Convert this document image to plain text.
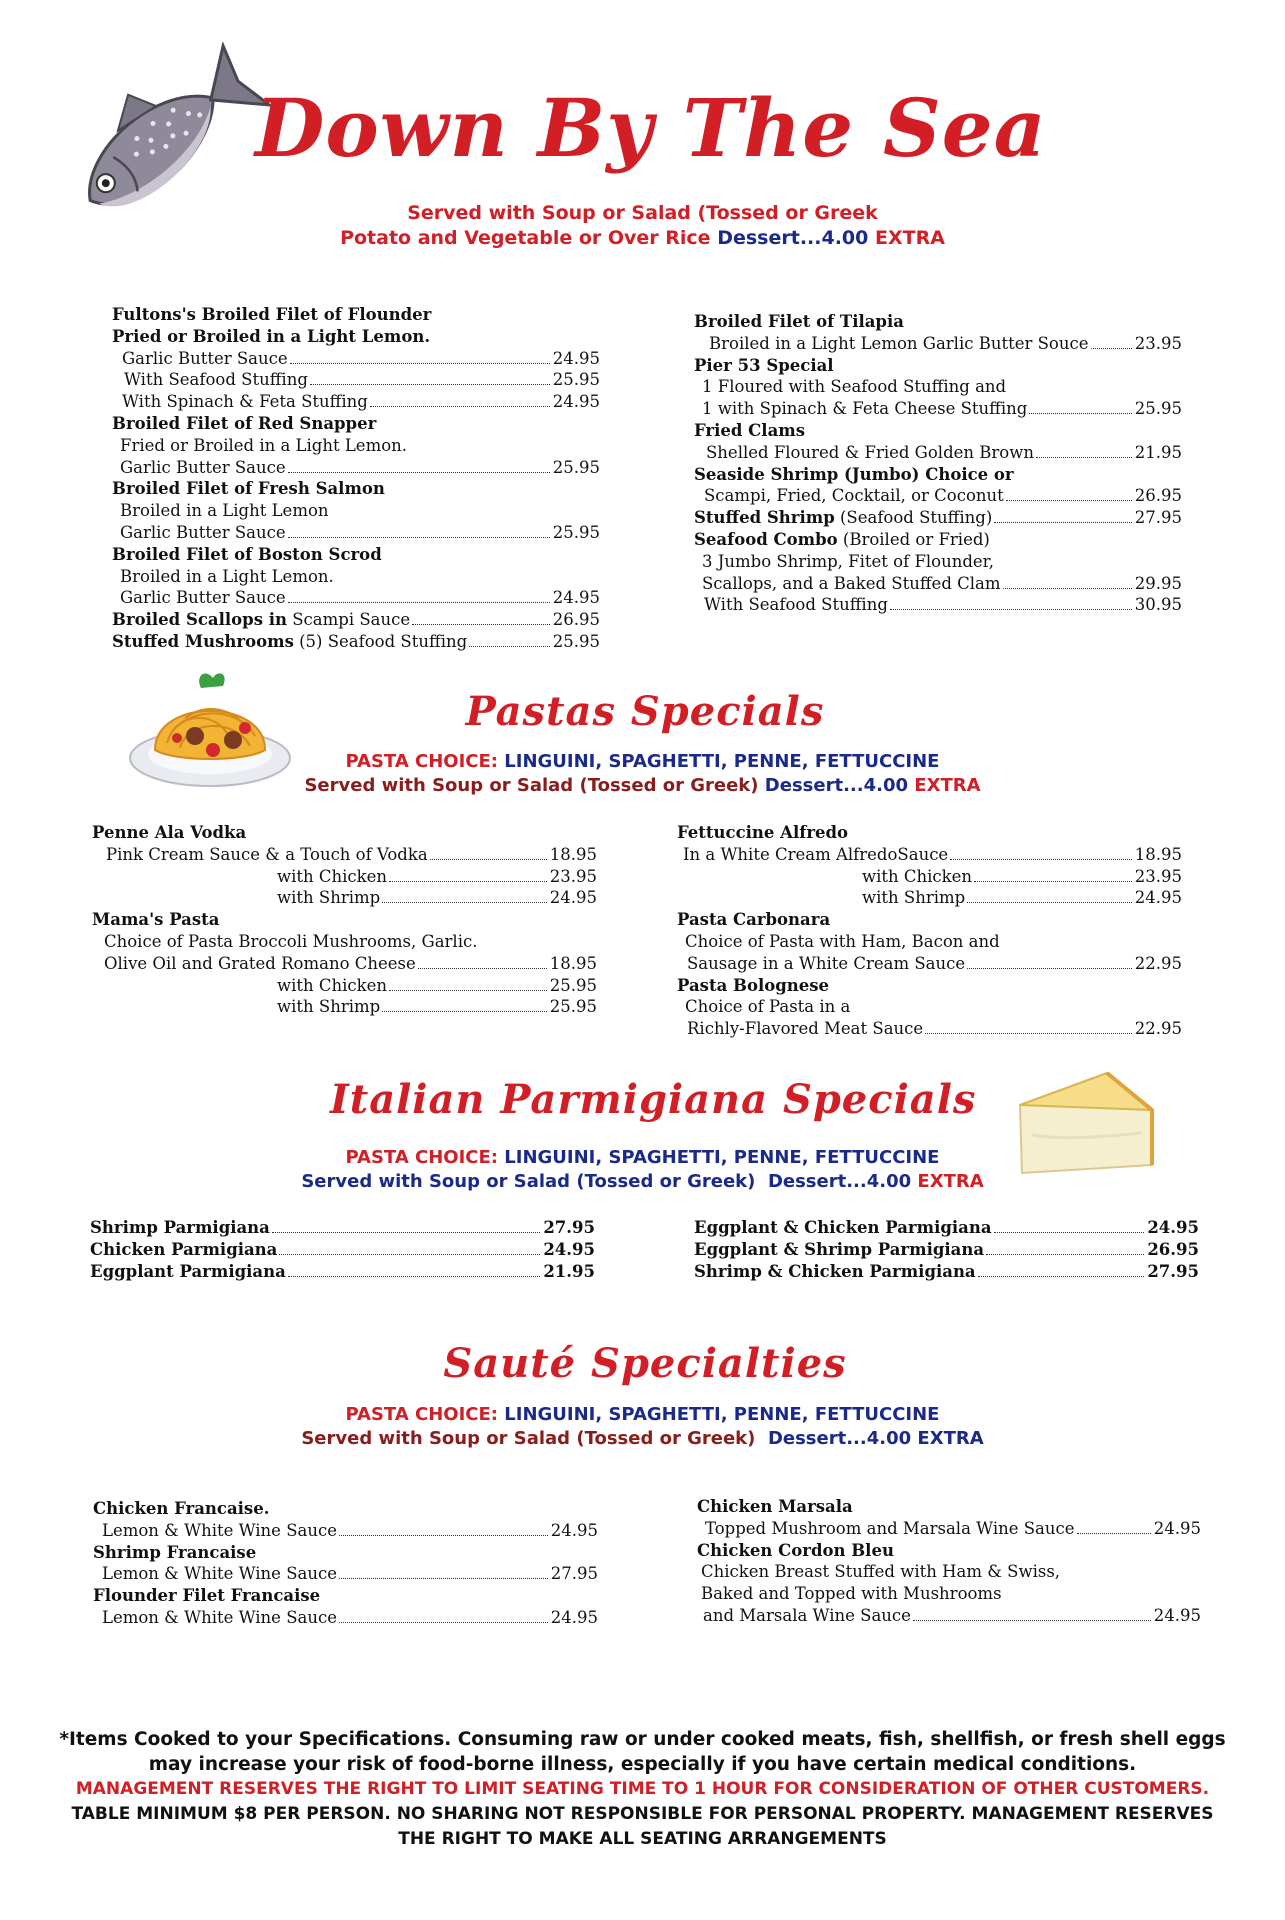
Down By The Sea
Served with Soup or Salad (Tossed or Greek
Potato and Vegetable or Over Rice Dessert...4.00 EXTRA
Fultons's Broiled Filet of Flounder
Pried or Broiled in a Light Lemon.
Garlic Butter Sauce	24.95
With Seafood Stuffing	25.95
With Spinach & Feta Stuffing	24.95
Broiled Filet of Red Snapper
Fried or Broiled in a Light Lemon.
Garlic Butter Sauce	25.95
Broiled Filet of Fresh Salmon
Broiled in a Light Lemon
Garlic Butter Sauce	25.95
Broiled Filet of Boston Scrod
Broiled in a Light Lemon.
Garlic Butter Sauce	24.95
Broiled Scallops in Scampi Sauce	26.95
Stuffed Mushrooms (5) Seafood Stuffing	25.95
Broiled Filet of Tilapia
Broiled in a Light Lemon Garlic Butter Souce	23.95
Pier 53 Special
1 Floured with Seafood Stuffing and
1 with Spinach & Feta Cheese Stuffing	25.95
Fried Clams
Shelled Floured & Fried Golden Brown	21.95
Seaside Shrimp (Jumbo) Choice or
Scampi, Fried, Cocktail, or Coconut	26.95
Stuffed Shrimp (Seafood Stuffing)	27.95
Seafood Combo (Broiled or Fried)
3 Jumbo Shrimp, Fitet of Flounder,
Scallops, and a Baked Stuffed Clam	29.95
With Seafood Stuffing	30.95
Pastas Specials
PASTA CHOICE: LINGUINI, SPAGHETTI, PENNE, FETTUCCINE
Served with Soup or Salad (Tossed or Greek) Dessert...4.00 EXTRA
Penne Ala Vodka
Pink Cream Sauce & a Touch of Vodka	18.95
with Chicken	23.95
with Shrimp	24.95
Mama's Pasta
Choice of Pasta Broccoli Mushrooms, Garlic.
Olive Oil and Grated Romano Cheese	18.95
with Chicken	25.95
with Shrimp	25.95
Fettuccine Alfredo
In a White Cream AlfredoSauce	18.95
with Chicken	23.95
with Shrimp	24.95
Pasta Carbonara
Choice of Pasta with Ham, Bacon and
Sausage in a White Cream Sauce	22.95
Pasta Bolognese
Choice of Pasta in a
Richly-Flavored Meat Sauce	22.95
Italian Parmigiana Specials
PASTA CHOICE: LINGUINI, SPAGHETTI, PENNE, FETTUCCINE
Served with Soup or Salad (Tossed or Greek) Dessert...4.00 EXTRA
Shrimp Parmigiana	27.95
Chicken Parmigiana	24.95
Eggplant Parmigiana	21.95
Eggplant & Chicken Parmigiana	24.95
Eggplant & Shrimp Parmigiana	26.95
Shrimp & Chicken Parmigiana	27.95
Sauté Specialties
PASTA CHOICE: LINGUINI, SPAGHETTI, PENNE, FETTUCCINE
Served with Soup or Salad (Tossed or Greek) Dessert...4.00 EXTRA
Chicken Francaise.
Lemon & White Wine Sauce	24.95
Shrimp Francaise
Lemon & White Wine Sauce	27.95
Flounder Filet Francaise
Lemon & White Wine Sauce	24.95
Chicken Marsala
Topped Mushroom and Marsala Wine Sauce	24.95
Chicken Cordon Bleu
Chicken Breast Stuffed with Ham & Swiss,
Baked and Topped with Mushrooms
and Marsala Wine Sauce	24.95
*Items Cooked to your Specifications. Consuming raw or under cooked meats, fish, shellfish, or fresh shell eggs
may increase your risk of food-borne illness, especially if you have certain medical conditions.
MANAGEMENT RESERVES THE RIGHT TO LIMIT SEATING TIME TO 1 HOUR FOR CONSIDERATION OF OTHER CUSTOMERS.
TABLE MINIMUM $8 PER PERSON. NO SHARING NOT RESPONSIBLE FOR PERSONAL PROPERTY. MANAGEMENT RESERVES
THE RIGHT TO MAKE ALL SEATING ARRANGEMENTS
